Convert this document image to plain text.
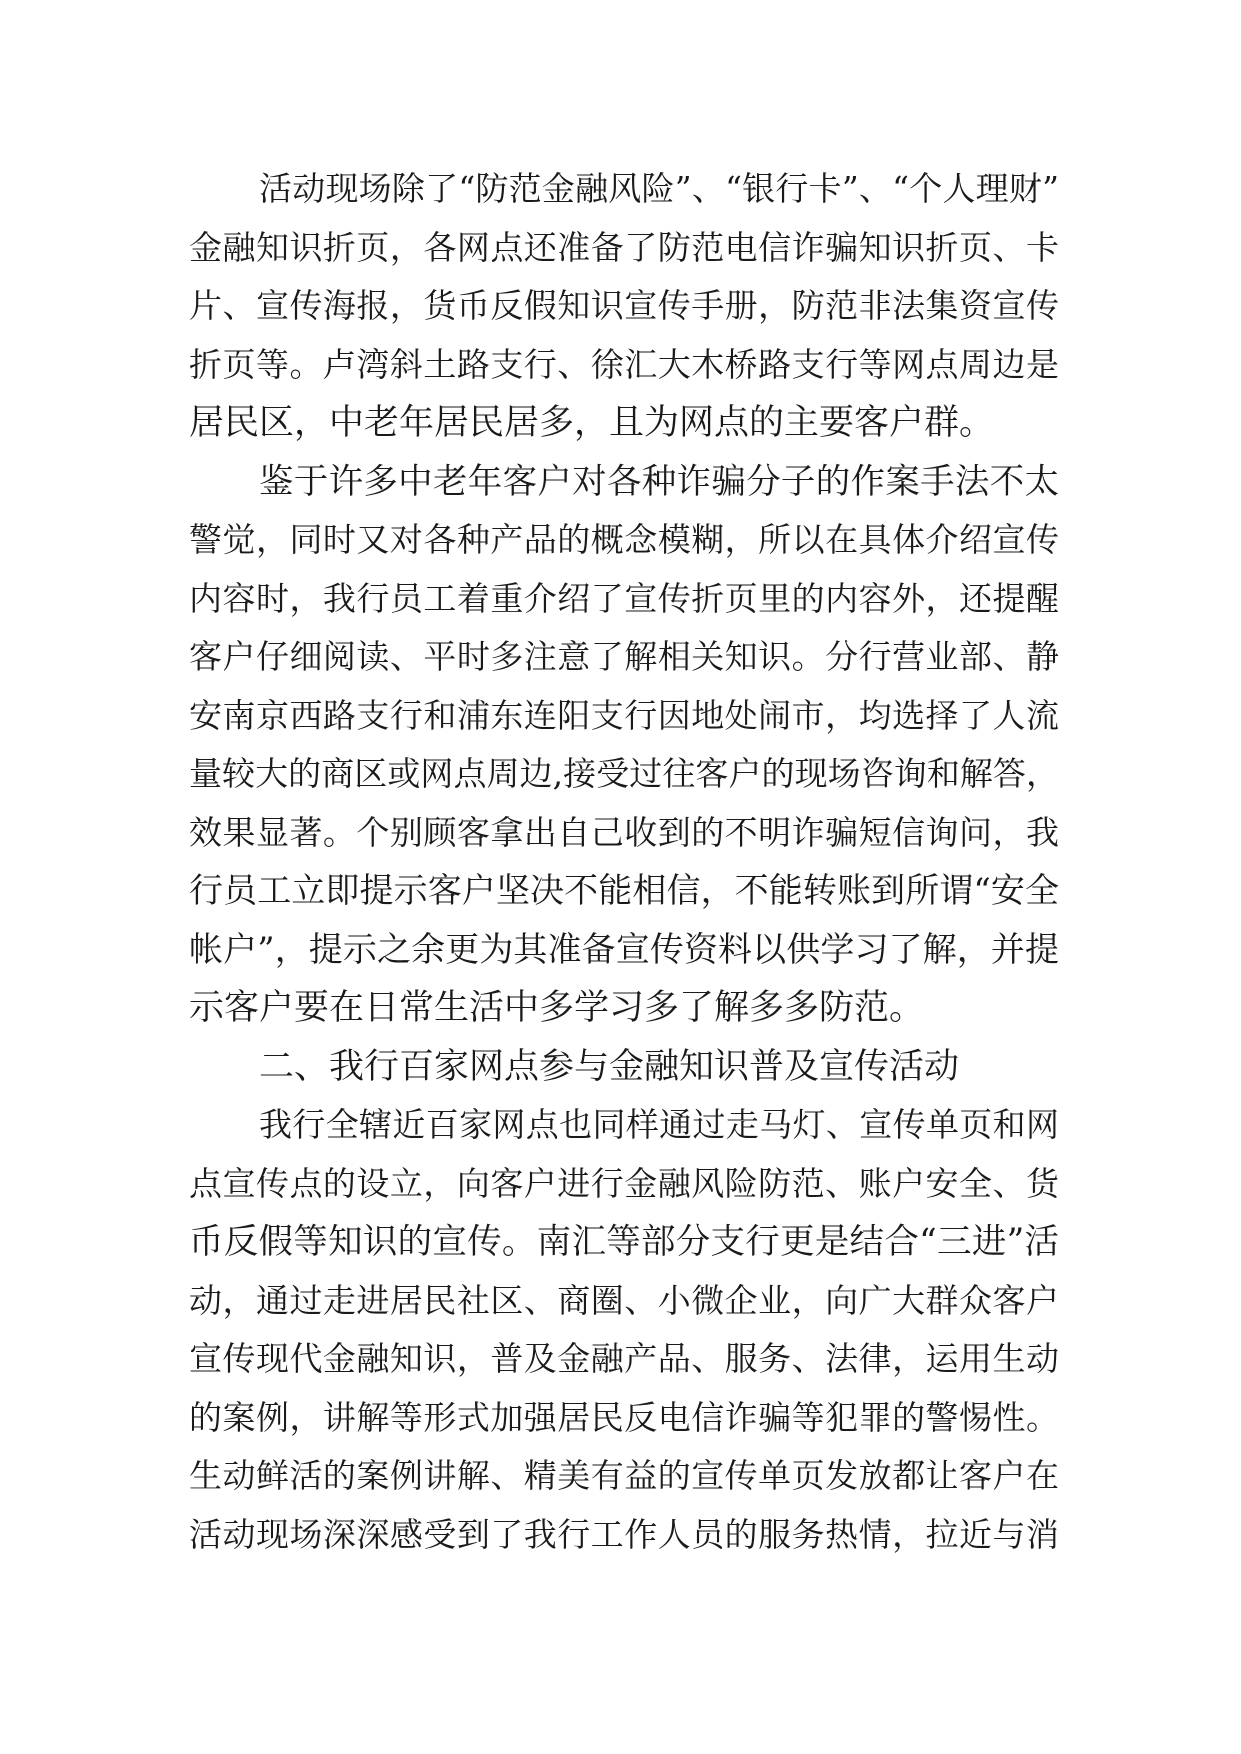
活动现场除了“防范金融风险”、“银行卡”、“个人理财”
金融知识折页，各网点还准备了防范电信诈骗知识折页、卡
片、宣传海报，货币反假知识宣传手册，防范非法集资宣传
折页等。卢湾斜土路支行、徐汇大木桥路支行等网点周边是
居民区，中老年居民居多，且为网点的主要客户群。
鉴于许多中老年客户对各种诈骗分子的作案手法不太
警觉，同时又对各种产品的概念模糊，所以在具体介绍宣传
内容时，我行员工着重介绍了宣传折页里的内容外，还提醒
客户仔细阅读、平时多注意了解相关知识。分行营业部、静
安南京西路支行和浦东连阳支行因地处闹市，均选择了人流
量较大的商区或网点周边,接受过往客户的现场咨询和解答，
效果显著。个别顾客拿出自己收到的不明诈骗短信询问，我
行员工立即提示客户坚决不能相信，不能转账到所谓“安全
帐户”，提示之余更为其准备宣传资料以供学习了解，并提
示客户要在日常生活中多学习多了解多多防范。
二、我行百家网点参与金融知识普及宣传活动
我行全辖近百家网点也同样通过走马灯、宣传单页和网
点宣传点的设立，向客户进行金融风险防范、账户安全、货
币反假等知识的宣传。南汇等部分支行更是结合“三进”活
动，通过走进居民社区、商圈、小微企业，向广大群众客户
宣传现代金融知识，普及金融产品、服务、法律，运用生动
的案例，讲解等形式加强居民反电信诈骗等犯罪的警惕性。
生动鲜活的案例讲解、精美有益的宣传单页发放都让客户在
活动现场深深感受到了我行工作人员的服务热情，拉近与消
